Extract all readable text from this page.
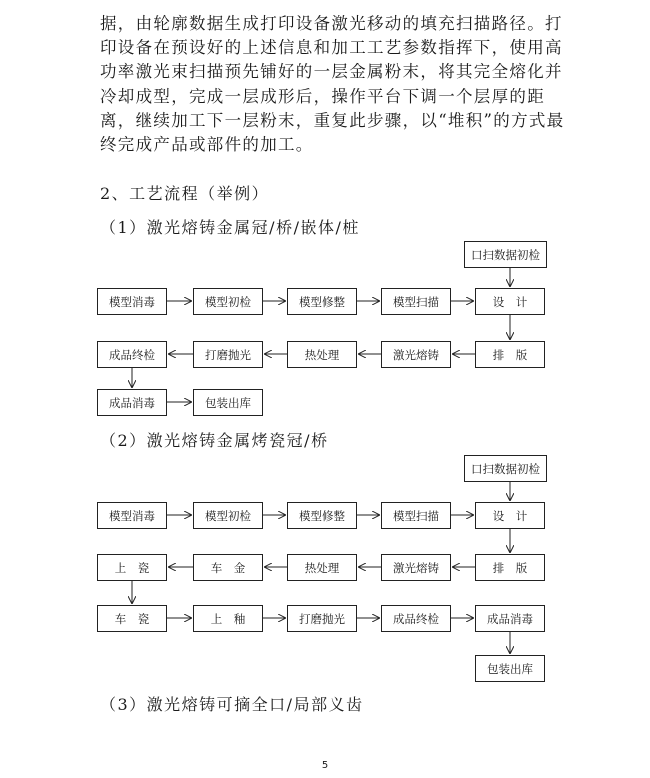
据，由轮廓数据生成打印设备激光移动的填充扫描路径。打印设备在预设好的上述信息和加工工艺参数指挥下，使用高功率激光束扫描预先铺好的一层金属粉末，将其完全熔化并冷却成型，完成一层成形后，操作平台下调一个层厚的距离，继续加工下一层粉末，重复此步骤，以“堆积”的方式最终完成产品或部件的加工。

2、工艺流程（举例）

（1）激光熔铸金属冠/桥/嵌体/桩

口扫数据初检
模型消毒	模型初检	模型修整	模型扫描	设　计
成品终检	打磨抛光	热处理	激光熔铸	排　版
成品消毒	包装出库

（2）激光熔铸金属烤瓷冠/桥

口扫数据初检
模型消毒	模型初检	模型修整	模型扫描	设　计
上　瓷	车　金	热处理	激光熔铸	排　版
车　瓷	上　釉	打磨抛光	成品终检	成品消毒
包装出库

（3）激光熔铸可摘全口/局部义齿

5
